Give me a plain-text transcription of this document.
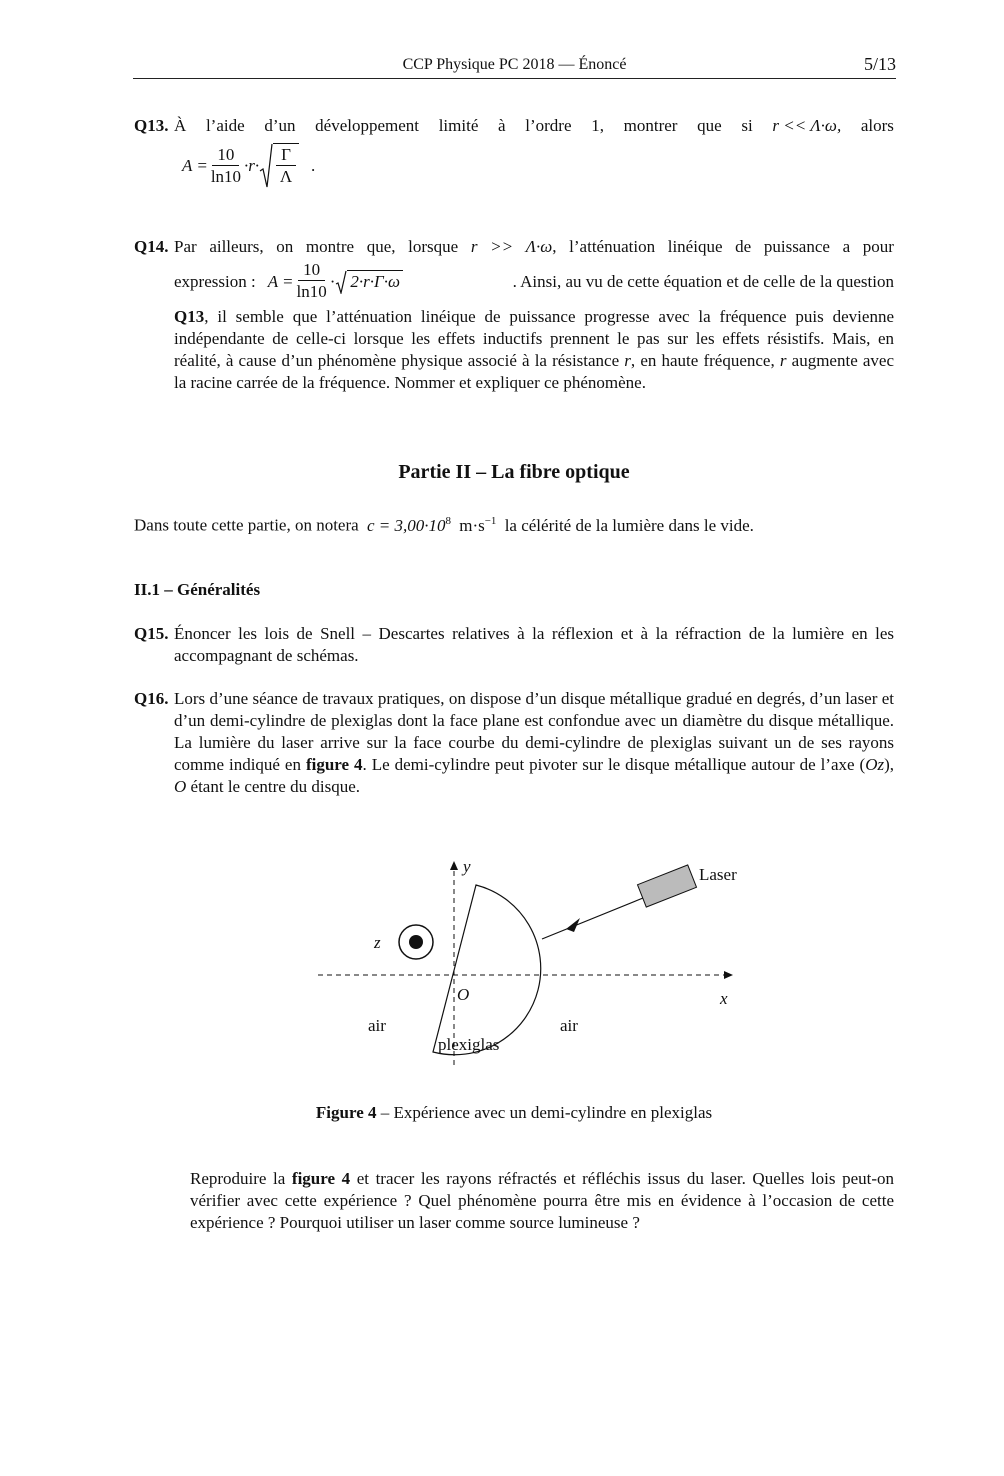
CCP Physique PC 2018 — Énoncé	5/13
Q13. À l’aide d’un développement limité à l’ordre 1, montrer que si r << Λ·ω, alors
$A = \frac{10}{\ln 10} \cdot r\cdot \frac{\Gamma}{\Lambda}$ .
Q14. Par ailleurs, on montre que, lorsque r >> Λ·ω, l’atténuation linéique de puissance a pour
expression : $A = \frac{10}{\ln 10} \cdot 2\cdot r\cdot\Gamma\cdot\omega$	. Ainsi, au vu de cette équation et de celle de la question
Q13, il semble que l’atténuation linéique de puissance progresse avec la fréquence puis devienne indépendante de celle-ci lorsque les effets inductifs prennent le pas sur les effets résistifs. Mais, en réalité, à cause d’un phénomène physique associé à la résistance r, en haute fréquence, r augmente avec la racine carrée de la fréquence. Nommer et expliquer ce phénomène.
Partie II – La fibre optique
Dans toute cette partie, on notera $c = 3,00\cdot 10^8$ $m\cdot s^{-1}$ la célérité de la lumière dans le vide.
II.1 – Généralités
Q15. Énoncer les lois de Snell – Descartes relatives à la réflexion et à la réfraction de la lumière en les accompagnant de schémas.
Q16. Lors d’une séance de travaux pratiques, on dispose d’un disque métallique gradué en degrés, d’un laser et d’un demi-cylindre de plexiglas dont la face plane est confondue avec un diamètre du disque métallique. La lumière du laser arrive sur la face courbe du demi-cylindre de plexiglas suivant un de ses rayons comme indiqué en figure 4. Le demi-cylindre peut pivoter sur le disque métallique autour de l’axe (Oz), O étant le centre du disque.
y
x
z
O
Laser
air	air
plexiglas
Figure 4 – Expérience avec un demi-cylindre en plexiglas
Reproduire la figure 4 et tracer les rayons réfractés et réfléchis issus du laser. Quelles lois peut-on vérifier avec cette expérience ? Quel phénomène pourra être mis en évidence à l’occasion de cette expérience ? Pourquoi utiliser un laser comme source lumineuse ?
